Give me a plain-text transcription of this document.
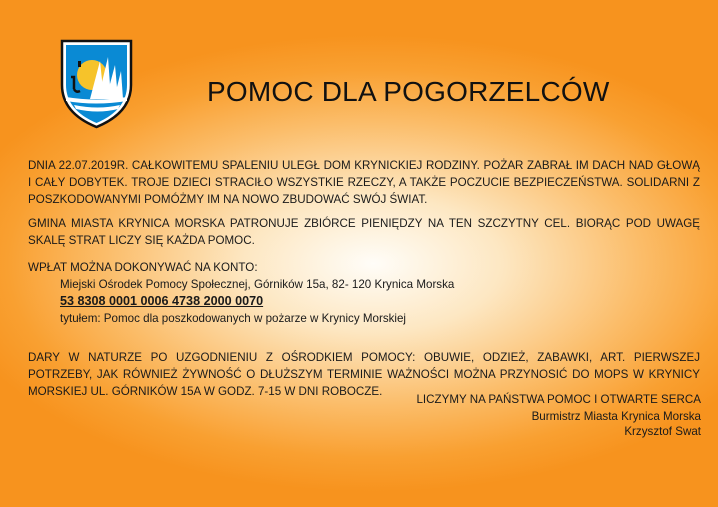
POMOC DLA POGORZELCÓW

DNIA 22.07.2019R. CAŁKOWITEMU SPALENIU ULEGŁ DOM KRYNICKIEJ RODZINY. POŻAR ZABRAŁ IM DACH NAD GŁOWĄ I CAŁY DOBYTEK. TROJE DZIECI STRACIŁO WSZYSTKIE RZECZY, A TAKŻE POCZUCIE BEZPIECZEŃSTWA. SOLIDARNI Z POSZKODOWANYMI POMÓŻMY IM NA NOWO ZBUDOWAĆ SWÓJ ŚWIAT.

GMINA MIASTA KRYNICA MORSKA PATRONUJE ZBIÓRCE PIENIĘDZY NA TEN SZCZYTNY CEL. BIORĄC POD UWAGĘ SKALĘ STRAT LICZY SIĘ KAŻDA POMOC.

WPŁAT MOŻNA DOKONYWAĆ NA KONTO:
Miejski Ośrodek Pomocy Społecznej, Górników 15a, 82- 120 Krynica Morska
53 8308 0001 0006 4738 2000 0070
tytułem: Pomoc dla poszkodowanych w pożarze w Krynicy Morskiej

DARY W NATURZE PO UZGODNIENIU Z OŚRODKIEM POMOCY: OBUWIE, ODZIEŻ, ZABAWKI, ART. PIERWSZEJ POTRZEBY, JAK RÓWNIEŻ ŻYWNOŚĆ O DŁUŻSZYM TERMINIE WAŻNOŚCI MOŻNA PRZYNOSIĆ DO MOPS W KRYNICY MORSKIEJ UL. GÓRNIKÓW 15A W GODZ. 7-15 W DNI ROBOCZE.

LICZYMY NA PAŃSTWA POMOC I OTWARTE SERCA
Burmistrz Miasta Krynica Morska
Krzysztof Swat
